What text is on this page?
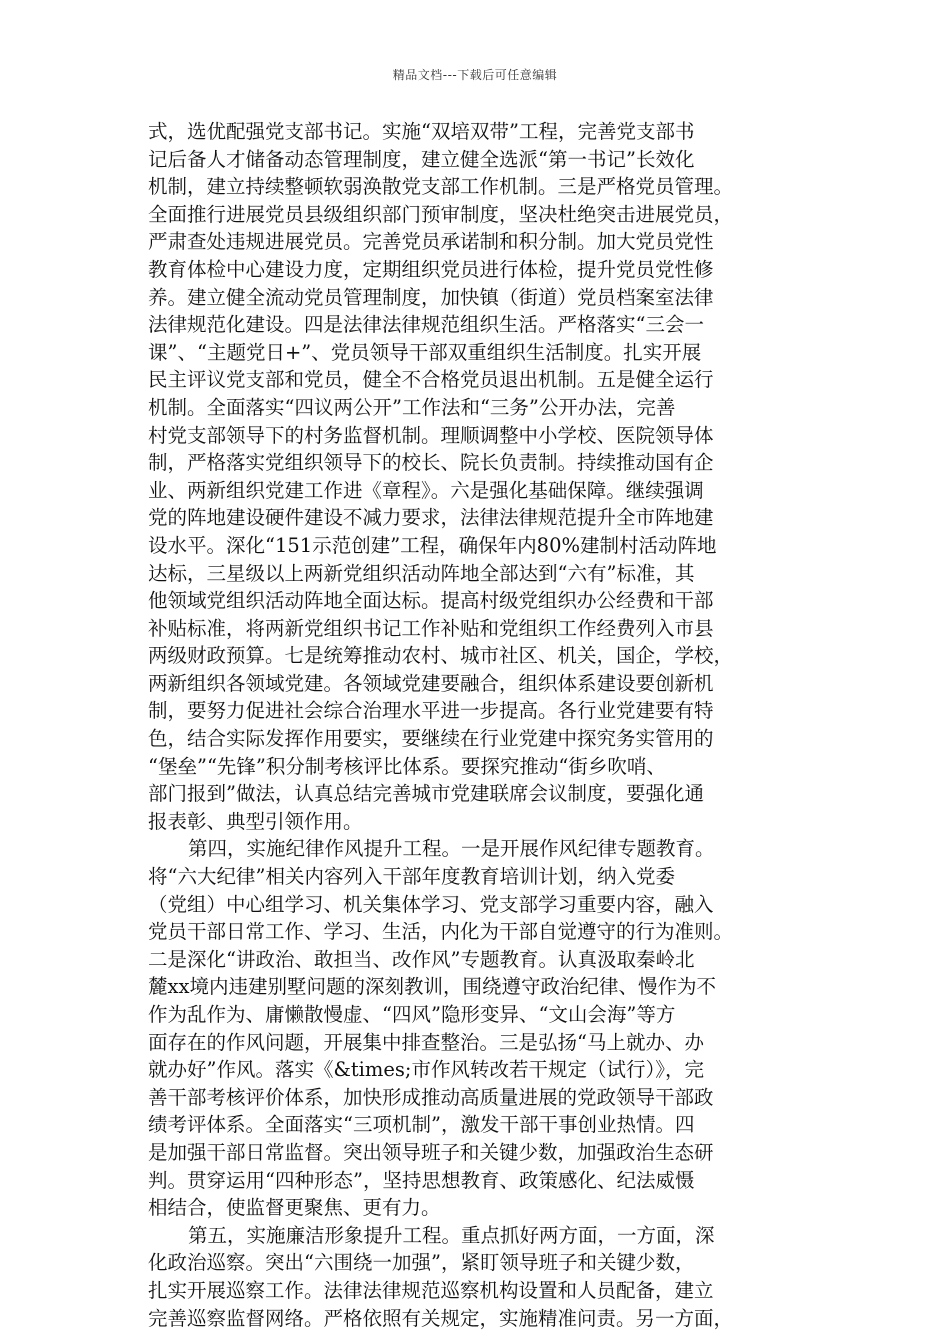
精品文档---下载后可任意编辑
式，选优配强党支部书记。实施“双培双带”工程，完善党支部书
记后备人才储备动态管理制度，建立健全选派“第一书记”长效化
机制，建立持续整顿软弱涣散党支部工作机制。三是严格党员管理。
全面推行进展党员县级组织部门预审制度，坚决杜绝突击进展党员，
严肃查处违规进展党员。完善党员承诺制和积分制。加大党员党性
教育体检中心建设力度，定期组织党员进行体检，提升党员党性修
养。建立健全流动党员管理制度，加快镇（街道）党员档案室法律
法律规范化建设。四是法律法律规范组织生活。严格落实“三会一
课”、“主题党日+”、党员领导干部双重组织生活制度。扎实开展
民主评议党支部和党员，健全不合格党员退出机制。五是健全运行
机制。全面落实“四议两公开”工作法和“三务”公开办法，完善
村党支部领导下的村务监督机制。理顺调整中小学校、医院领导体
制，严格落实党组织领导下的校长、院长负责制。持续推动国有企
业、两新组织党建工作进《章程》。六是强化基础保障。继续强调
党的阵地建设硬件建设不减力要求，法律法律规范提升全市阵地建
设水平。深化“151示范创建”工程，确保年内80%建制村活动阵地
达标，三星级以上两新党组织活动阵地全部达到“六有”标准，其
他领域党组织活动阵地全面达标。提高村级党组织办公经费和干部
补贴标准，将两新党组织书记工作补贴和党组织工作经费列入市县
两级财政预算。七是统筹推动农村、城市社区、机关，国企，学校，
两新组织各领域党建。各领域党建要融合，组织体系建设要创新机
制，要努力促进社会综合治理水平进一步提高。各行业党建要有特
色，结合实际发挥作用要实，要继续在行业党建中探究务实管用的
“堡垒”“先锋”积分制考核评比体系。要探究推动“街乡吹哨、
部门报到”做法，认真总结完善城市党建联席会议制度，要强化通
报表彰、典型引领作用。
第四，实施纪律作风提升工程。一是开展作风纪律专题教育。
将“六大纪律”相关内容列入干部年度教育培训计划，纳入党委
（党组）中心组学习、机关集体学习、党支部学习重要内容，融入
党员干部日常工作、学习、生活，内化为干部自觉遵守的行为准则。
二是深化“讲政治、敢担当、改作风”专题教育。认真汲取秦岭北
麓xx境内违建别墅问题的深刻教训，围绕遵守政治纪律、慢作为不
作为乱作为、庸懒散慢虚、“四风”隐形变异、“文山会海”等方
面存在的作风问题，开展集中排查整治。三是弘扬“马上就办、办
就办好”作风。落实《&times;市作风转改若干规定（试行）》，完
善干部考核评价体系，加快形成推动高质量进展的党政领导干部政
绩考评体系。全面落实“三项机制”，激发干部干事创业热情。四
是加强干部日常监督。突出领导班子和关键少数，加强政治生态研
判。贯穿运用“四种形态”，坚持思想教育、政策感化、纪法威慑
相结合，使监督更聚焦、更有力。
第五，实施廉洁形象提升工程。重点抓好两方面，一方面，深
化政治巡察。突出“六围绕一加强”，紧盯领导班子和关键少数，
扎实开展巡察工作。法律法律规范巡察机构设置和人员配备，建立
完善巡察监督网络。严格依照有关规定，实施精准问责。另一方面，
